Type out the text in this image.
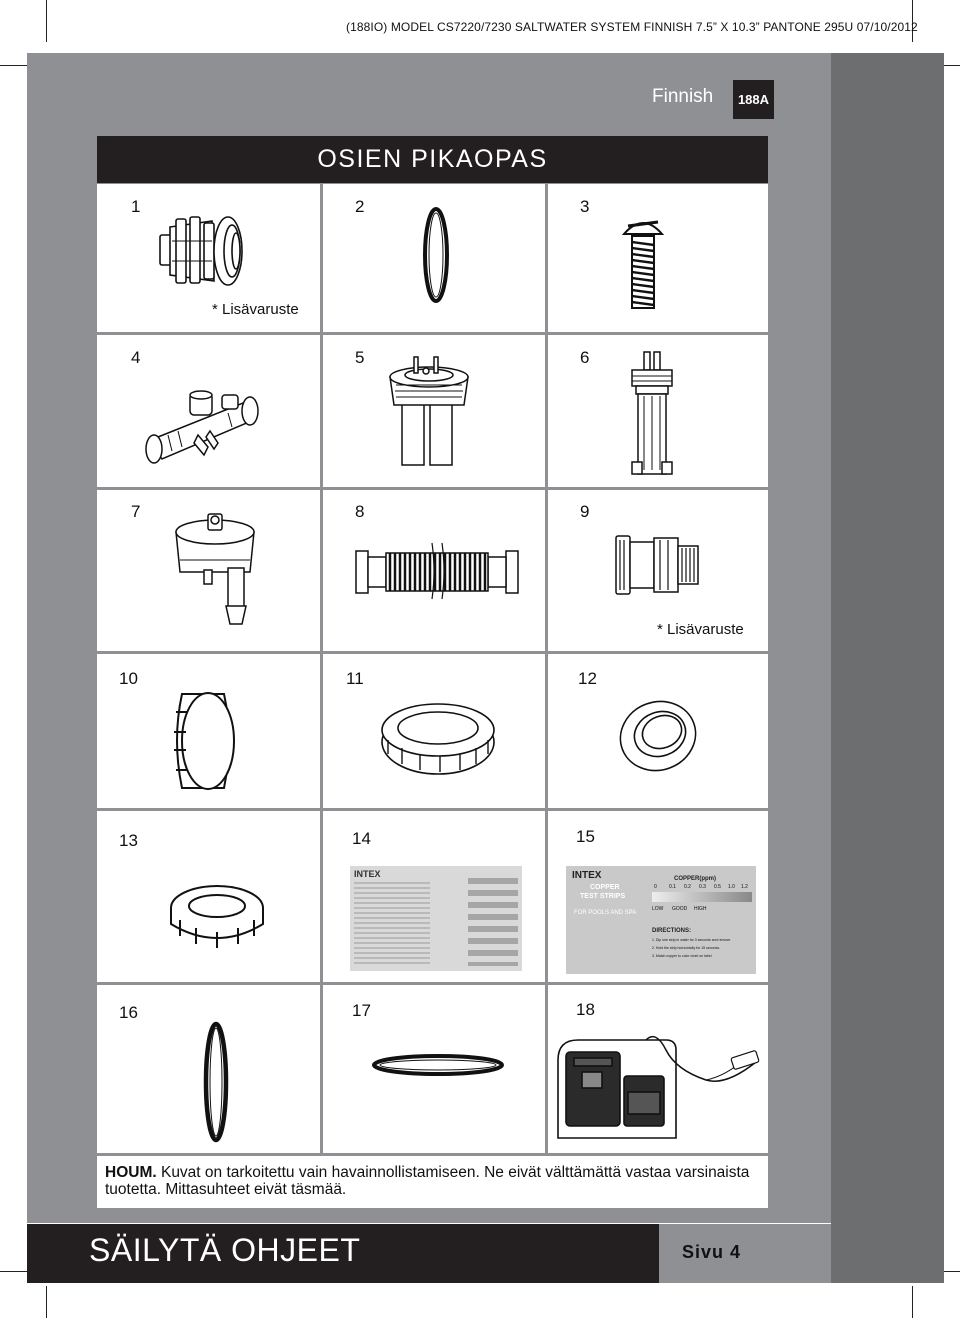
(188IO) MODEL CS7220/7230 SALTWATER SYSTEM FINNISH 7.5” X 10.3” PANTONE 295U 07/10/2012
Finnish	188A
OSIEN PIKAOPAS
1	2	3
4	5	6
7	8	9
10	11	12
13	14	15
16	17	18
* Lisävaruste
* Lisävaruste
INTEX	INTEX
COPPER
TEST STRIPS
FOR POOLS AND SPA
COPPER(ppm)
0 0.1 0.2 0.3 0.5 1.0 1.2
LOW GOOD HIGH
DIRECTIONS:
1. Dip one strip in water for 3 seconds and remove.
2. Hold the strip horizontally for 15 seconds.
3. Match copper to color chart on label.

HOUM. Kuvat on tarkoitettu vain havainnollistamiseen. Ne eivät välttämättä vastaa varsinaista tuotetta. Mittasuhteet eivät täsmää.

SÄILYTÄ OHJEET	Sivu 4
